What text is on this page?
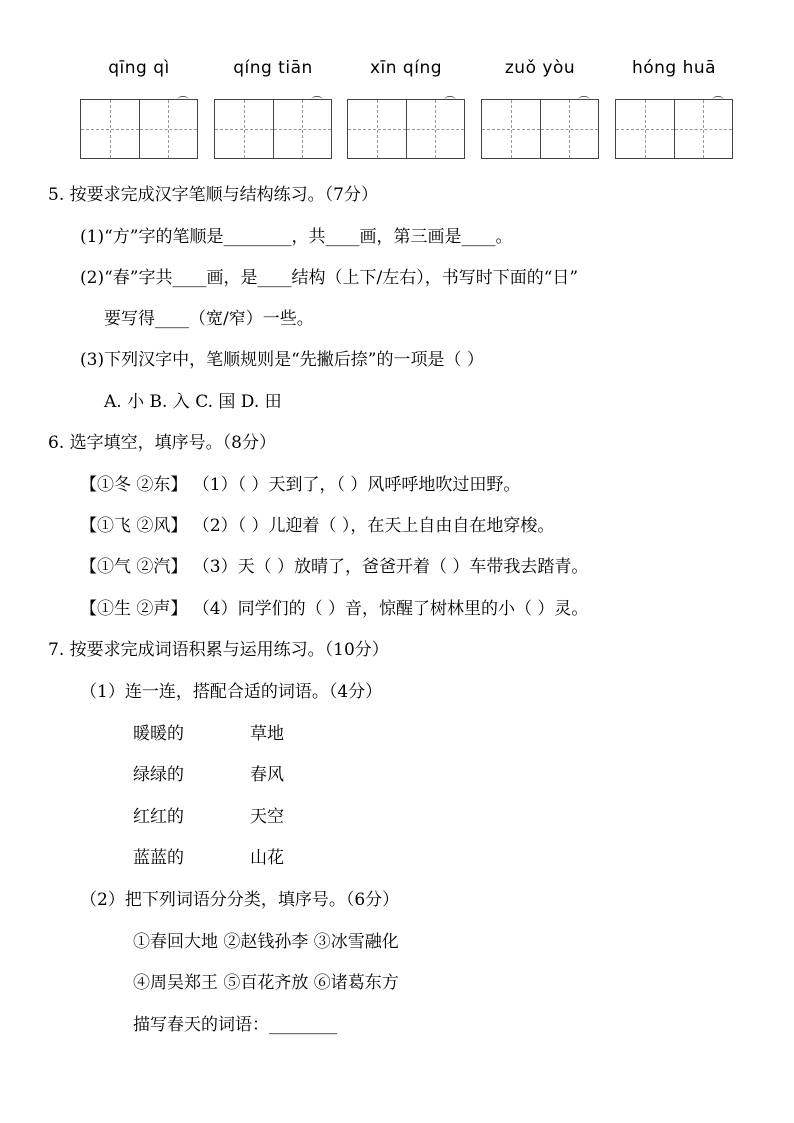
qīng qì	qíng tiān	xīn qíng	zuǒ yòu	hóng huā
5. 按要求完成汉字笔顺与结构练习。（7分）
(1)“方”字的笔顺是________，共____画，第三画是____。
(2)“春”字共____画，是____结构（上下/左右），书写时下面的“日”
要写得____（宽/窄）一些。
(3)下列汉字中，笔顺规则是“先撇后捺”的一项是（ ）
A. 小 B. 入 C. 国 D. 田
6. 选字填空，填序号。（8分）
【①冬 ②东】 （1）（ ）天到了，（ ）风呼呼地吹过田野。
【①飞 ②风】 （2）（ ）儿迎着（ ），在天上自由自在地穿梭。
【①气 ②汽】 （3）天（ ）放晴了，爸爸开着（ ）车带我去踏青。
【①生 ②声】 （4）同学们的（ ）音，惊醒了树林里的小（ ）灵。
7. 按要求完成词语积累与运用练习。（10分）
（1）连一连，搭配合适的词语。（4分）
暖暖的	草地
绿绿的	春风
红红的	天空
蓝蓝的	山花
（2）把下列词语分分类，填序号。（6分）
①春回大地 ②赵钱孙李 ③冰雪融化
④周吴郑王 ⑤百花齐放 ⑥诸葛东方
描写春天的词语：________
